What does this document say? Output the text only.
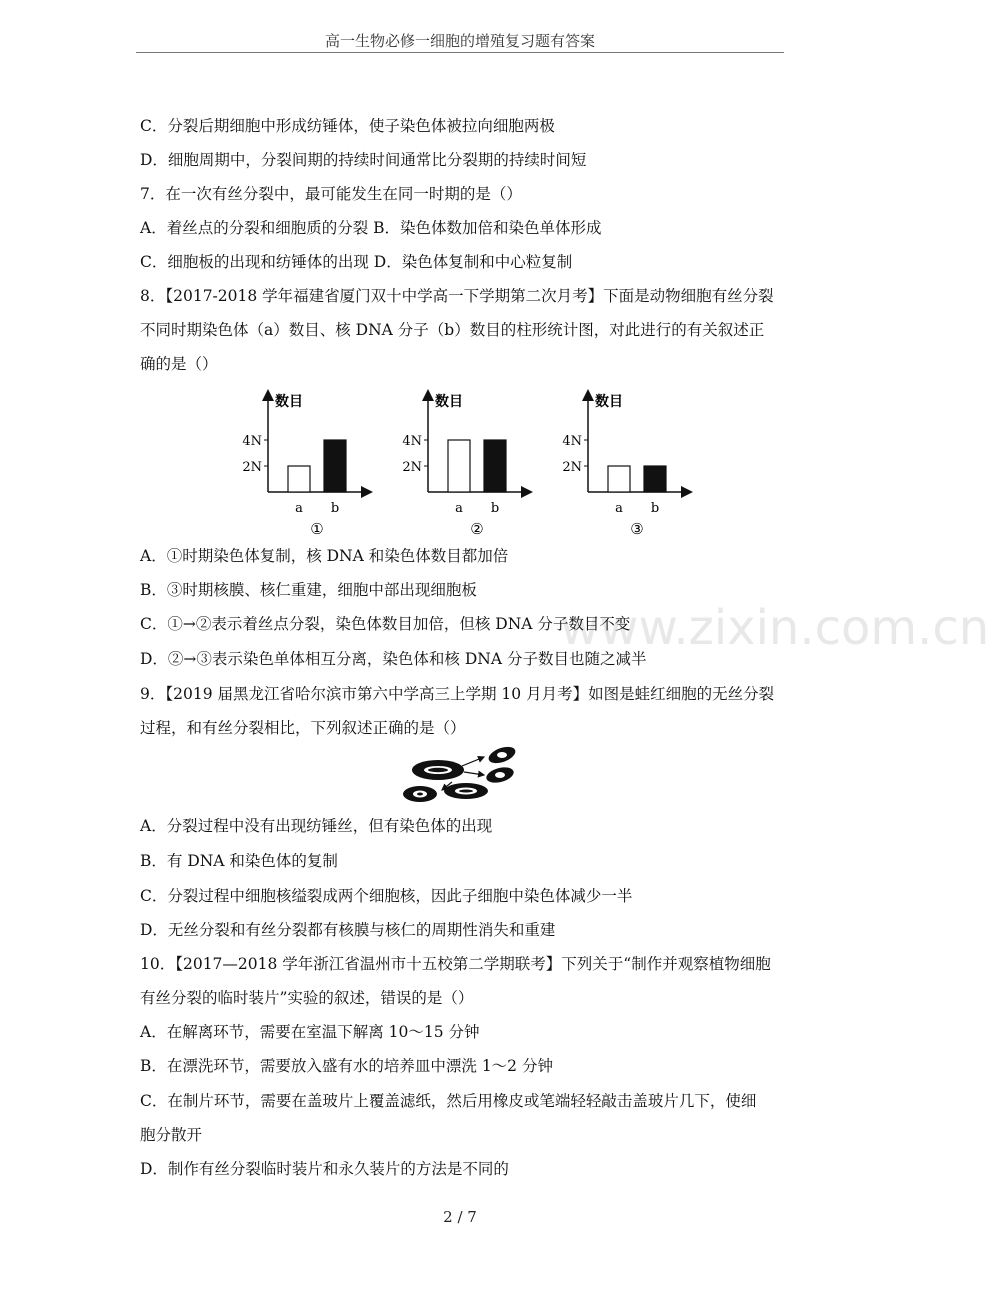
高一生物必修一细胞的增殖复习题有答案
www.zixin.com.cn
C．分裂后期细胞中形成纺锤体，使子染色体被拉向细胞两极
D．细胞周期中，分裂间期的持续时间通常比分裂期的持续时间短
7．在一次有丝分裂中，最可能发生在同一时期的是（）
A．着丝点的分裂和细胞质的分裂 B．染色体数加倍和染色单体形成
C．细胞板的出现和纺锤体的出现 D．染色体复制和中心粒复制
8．【2017-2018 学年福建省厦门双十中学高一下学期第二次月考】下面是动物细胞有丝分裂
不同时期染色体（a）数目、核 DNA 分子（b）数目的柱形统计图，对此进行的有关叙述正
确的是（）
数目
2N
4N
a b
①
数目
2N
4N
a b
②
数目
2N
4N
a b
③
A．①时期染色体复制，核 DNA 和染色体数目都加倍
B．③时期核膜、核仁重建，细胞中部出现细胞板
C．①→②表示着丝点分裂，染色体数目加倍，但核 DNA 分子数目不变
D．②→③表示染色单体相互分离，染色体和核 DNA 分子数目也随之减半
9．【2019 届黑龙江省哈尔滨市第六中学高三上学期 10 月月考】如图是蛙红细胞的无丝分裂
过程，和有丝分裂相比，下列叙述正确的是（）
A．分裂过程中没有出现纺锤丝，但有染色体的出现
B．有 DNA 和染色体的复制
C．分裂过程中细胞核缢裂成两个细胞核，因此子细胞中染色体减少一半
D．无丝分裂和有丝分裂都有核膜与核仁的周期性消失和重建
10．【2017—2018 学年浙江省温州市十五校第二学期联考】下列关于“制作并观察植物细胞
有丝分裂的临时装片”实验的叙述，错误的是（）
A．在解离环节，需要在室温下解离 10～15 分钟
B．在漂洗环节，需要放入盛有水的培养皿中漂洗 1～2 分钟
C．在制片环节，需要在盖玻片上覆盖滤纸，然后用橡皮或笔端轻轻敲击盖玻片几下，使细
胞分散开
D．制作有丝分裂临时装片和永久装片的方法是不同的
2 / 7
